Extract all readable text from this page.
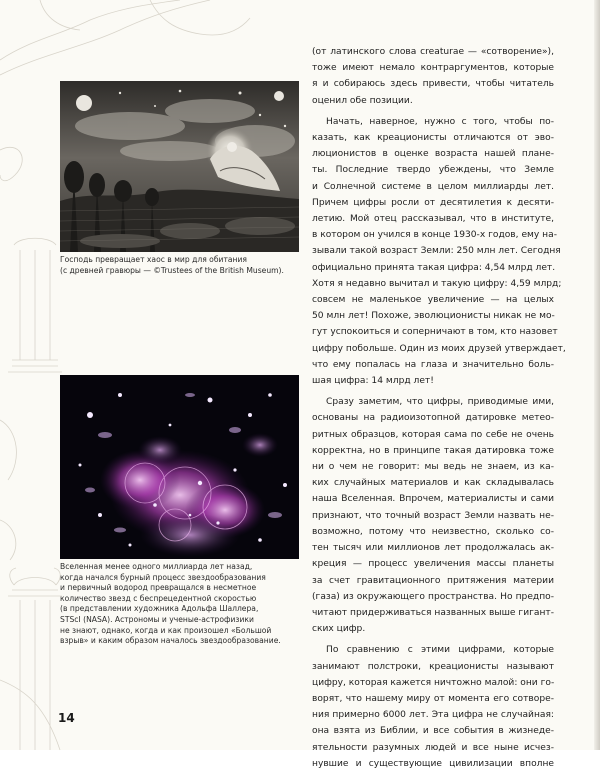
Господь превращает хаос в мир для обитания
(с древней гравюры — ©Trustees of the British Museum).

Вселенная менее одного миллиарда лет назад,
когда начался бурный процесс звездообразования
и первичный водород превращался в несметное
количество звезд с беспрецедентной скоростью
(в представлении художника Адольфа Шаллера,
STScI (NASA). Астрономы и ученые-астрофизики
не знают, однако, когда и как произошел «Большой
взрыв» и каким образом началось звездообразование.

(от латинского слова creaturae — «сотворение»),
тоже имеют немало контраргументов, которые
я и собираюсь здесь привести, чтобы читатель
оценил обе позиции.

Начать, наверное, нужно с того, чтобы по-
казать, как креационисты отличаются от эво-
люционистов в оценке возраста нашей плане-
ты. Последние твердо убеждены, что Земле
и Солнечной системе в целом миллиарды лет.
Причем цифры росли от десятилетия к десяти-
летию. Мой отец рассказывал, что в институте,
в котором он учился в конце 1930-х годов, ему на-
зывали такой возраст Земли: 250 млн лет. Сегодня
официально принята такая цифра: 4,54 млрд лет.
Хотя я недавно вычитал и такую цифру: 4,59 млрд;
совсем не маленькое увеличение — на целых
50 млн лет! Похоже, эволюционисты никак не мо-
гут успокоиться и соперничают в том, кто назовет
цифру побольше. Один из моих друзей утверждает,
что ему попалась на глаза и значительно боль-
шая цифра: 14 млрд лет!

Сразу заметим, что цифры, приводимые ими,
основаны на радиоизотопной датировке метео-
ритных образцов, которая сама по себе не очень
корректна, но в принципе такая датировка тоже
ни о чем не говорит: мы ведь не знаем, из ка-
ких случайных материалов и как складывалась
наша Вселенная. Впрочем, материалисты и сами
признают, что точный возраст Земли назвать не-
возможно, потому что неизвестно, сколько со-
тен тысяч или миллионов лет продолжалась ак-
креция — процесс увеличения массы планеты
за счет гравитационного притяжения материи
(газа) из окружающего пространства. Но предпо-
читают придерживаться названных выше гигант-
ских цифр.

По сравнению с этими цифрами, которые
занимают полстроки, креационисты называют
цифру, которая кажется ничтожно малой: они го-
ворят, что нашему миру от момента его сотворе-
ния примерно 6000 лет. Эта цифра не случайная:
она взята из Библии, и все события в жизнеде-
ятельности разумных людей и все ныне исчез-
нувшие и существующие цивилизации вполне

14
